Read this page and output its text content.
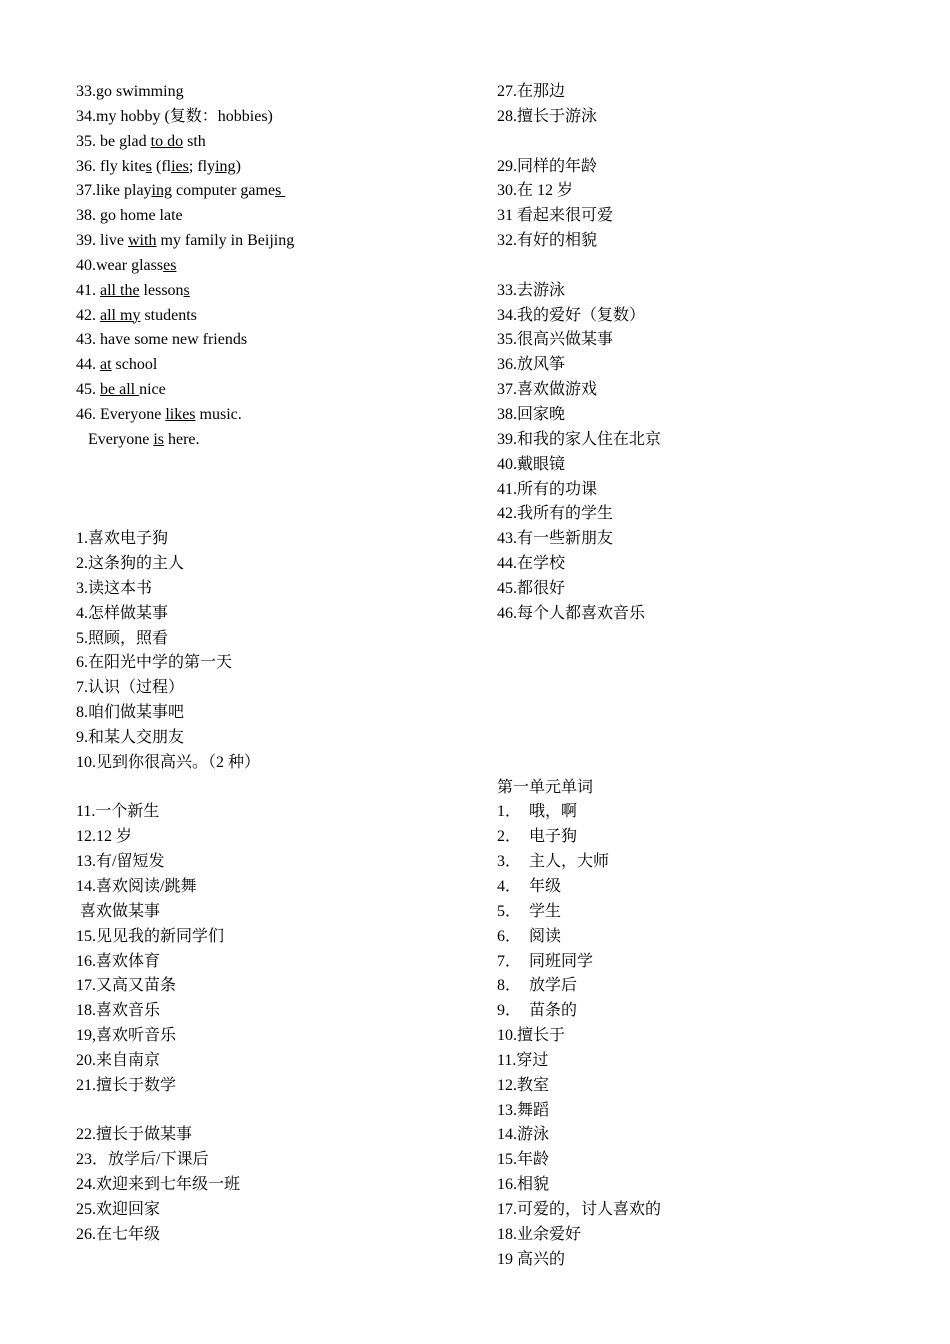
33.go swimming
34.my hobby (复数：hobbies)
35. be glad to do sth
36. fly kites (flies; flying)
37.like playing computer games
38. go home late
39. live with my family in Beijing
40.wear glasses
41. all the lessons
42. all my students
43. have some new friends
44. at school
45. be all nice
46. Everyone likes music.
Everyone is here.
1.喜欢电子狗
2.这条狗的主人
3.读这本书
4.怎样做某事
5.照顾，照看
6.在阳光中学的第一天
7.认识（过程）
8.咱们做某事吧
9.和某人交朋友
10.见到你很高兴。（2 种）
11.一个新生
12.12 岁
13.有/留短发
14.喜欢阅读/跳舞
喜欢做某事
15.见见我的新同学们
16.喜欢体育
17.又高又苗条
18.喜欢音乐
19,喜欢听音乐
20.来自南京
21.擅长于数学
22.擅长于做某事
23．放学后/下课后
24.欢迎来到七年级一班
25.欢迎回家
26.在七年级
27.在那边
28.擅长于游泳
29.同样的年龄
30.在 12 岁
31 看起来很可爱
32.有好的相貌
33.去游泳
34.我的爱好（复数）
35.很高兴做某事
36.放风筝
37.喜欢做游戏
38.回家晚
39.和我的家人住在北京
40.戴眼镜
41.所有的功课
42.我所有的学生
43.有一些新朋友
44.在学校
45.都很好
46.每个人都喜欢音乐
第一单元单词
1．  哦，啊
2．  电子狗
3．  主人，大师
4．  年级
5．  学生
6．  阅读
7．  同班同学
8．  放学后
9．  苗条的
10.擅长于
11.穿过
12.教室
13.舞蹈
14.游泳
15.年龄
16.相貌
17.可爱的，讨人喜欢的
18.业余爱好
19 高兴的
